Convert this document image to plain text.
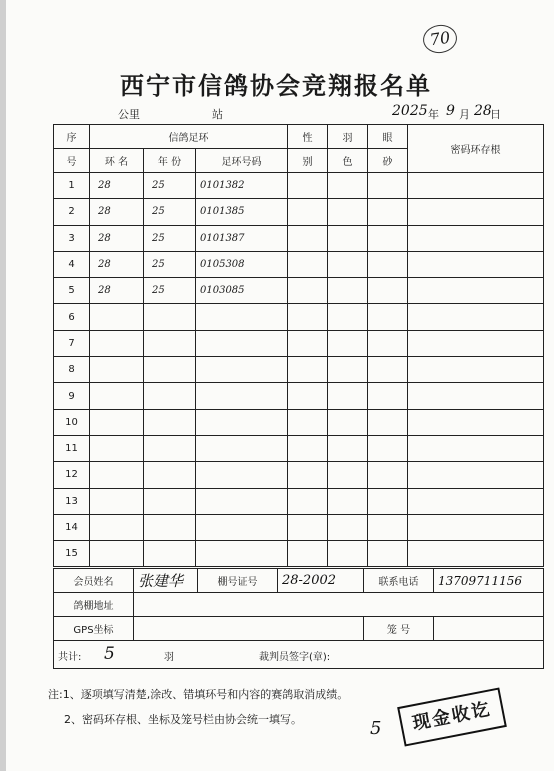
70
西宁市信鸽协会竞翔报名单
公里	站	2025 年 9 月 28
日
序	信鸽足环			性	羽	眼	密码环存根
号	环 名	年 份	足环号码	别	色	砂	
1	28	25	0101382				
2	28	25	0101385				
3	28	25	0101387				
4	28	25	0105308				
5	28	25	0103085				
6							
7							
8							
9							
10							
11							
12							
13							
14							
15							
会员姓名	张建华	棚号证号	28-2002	联系电话	13709711156
鸽棚地址					
GPS坐标				笼 号	

共计: 5 羽 裁判员签字(章):					
注:1、逐项填写清楚,涂改、错填环号和内容的赛鸽取消成绩。
2、密码环存根、坐标及笼号栏由协会统一填写。	5	现金收讫
